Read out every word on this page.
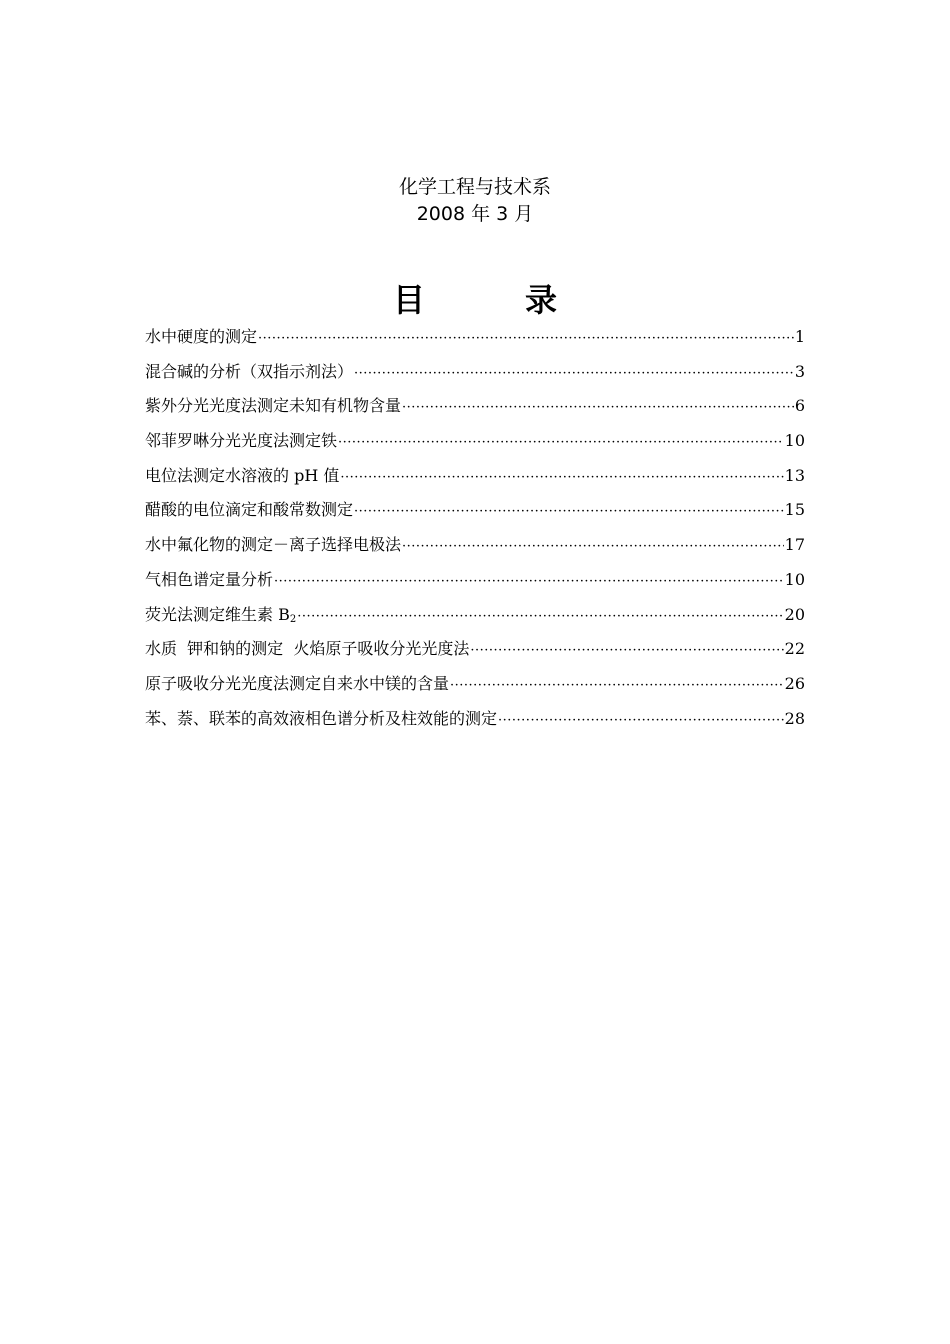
化学工程与技术系
2008 年 3 月
目录
水中硬度的测定 ·····	1
混合碱的分析（双指示剂法） ·····	3
紫外分光光度法测定未知有机物含量 ·····	6
邻菲罗啉分光光度法测定铁 ·····	10
电位法测定水溶液的 pH 值 ·····	13
醋酸的电位滴定和酸常数测定 ·····	15
水中氟化物的测定－离子选择电极法 ·····	17
气相色谱定量分析 ·····	10
荧光法测定维生素 $B_2$ ·····	20
水质  钾和钠的测定  火焰原子吸收分光光度法 ·····	22
原子吸收分光光度法测定自来水中镁的含量 ·····	26
苯、萘、联苯的高效液相色谱分析及柱效能的测定 ·····	28
